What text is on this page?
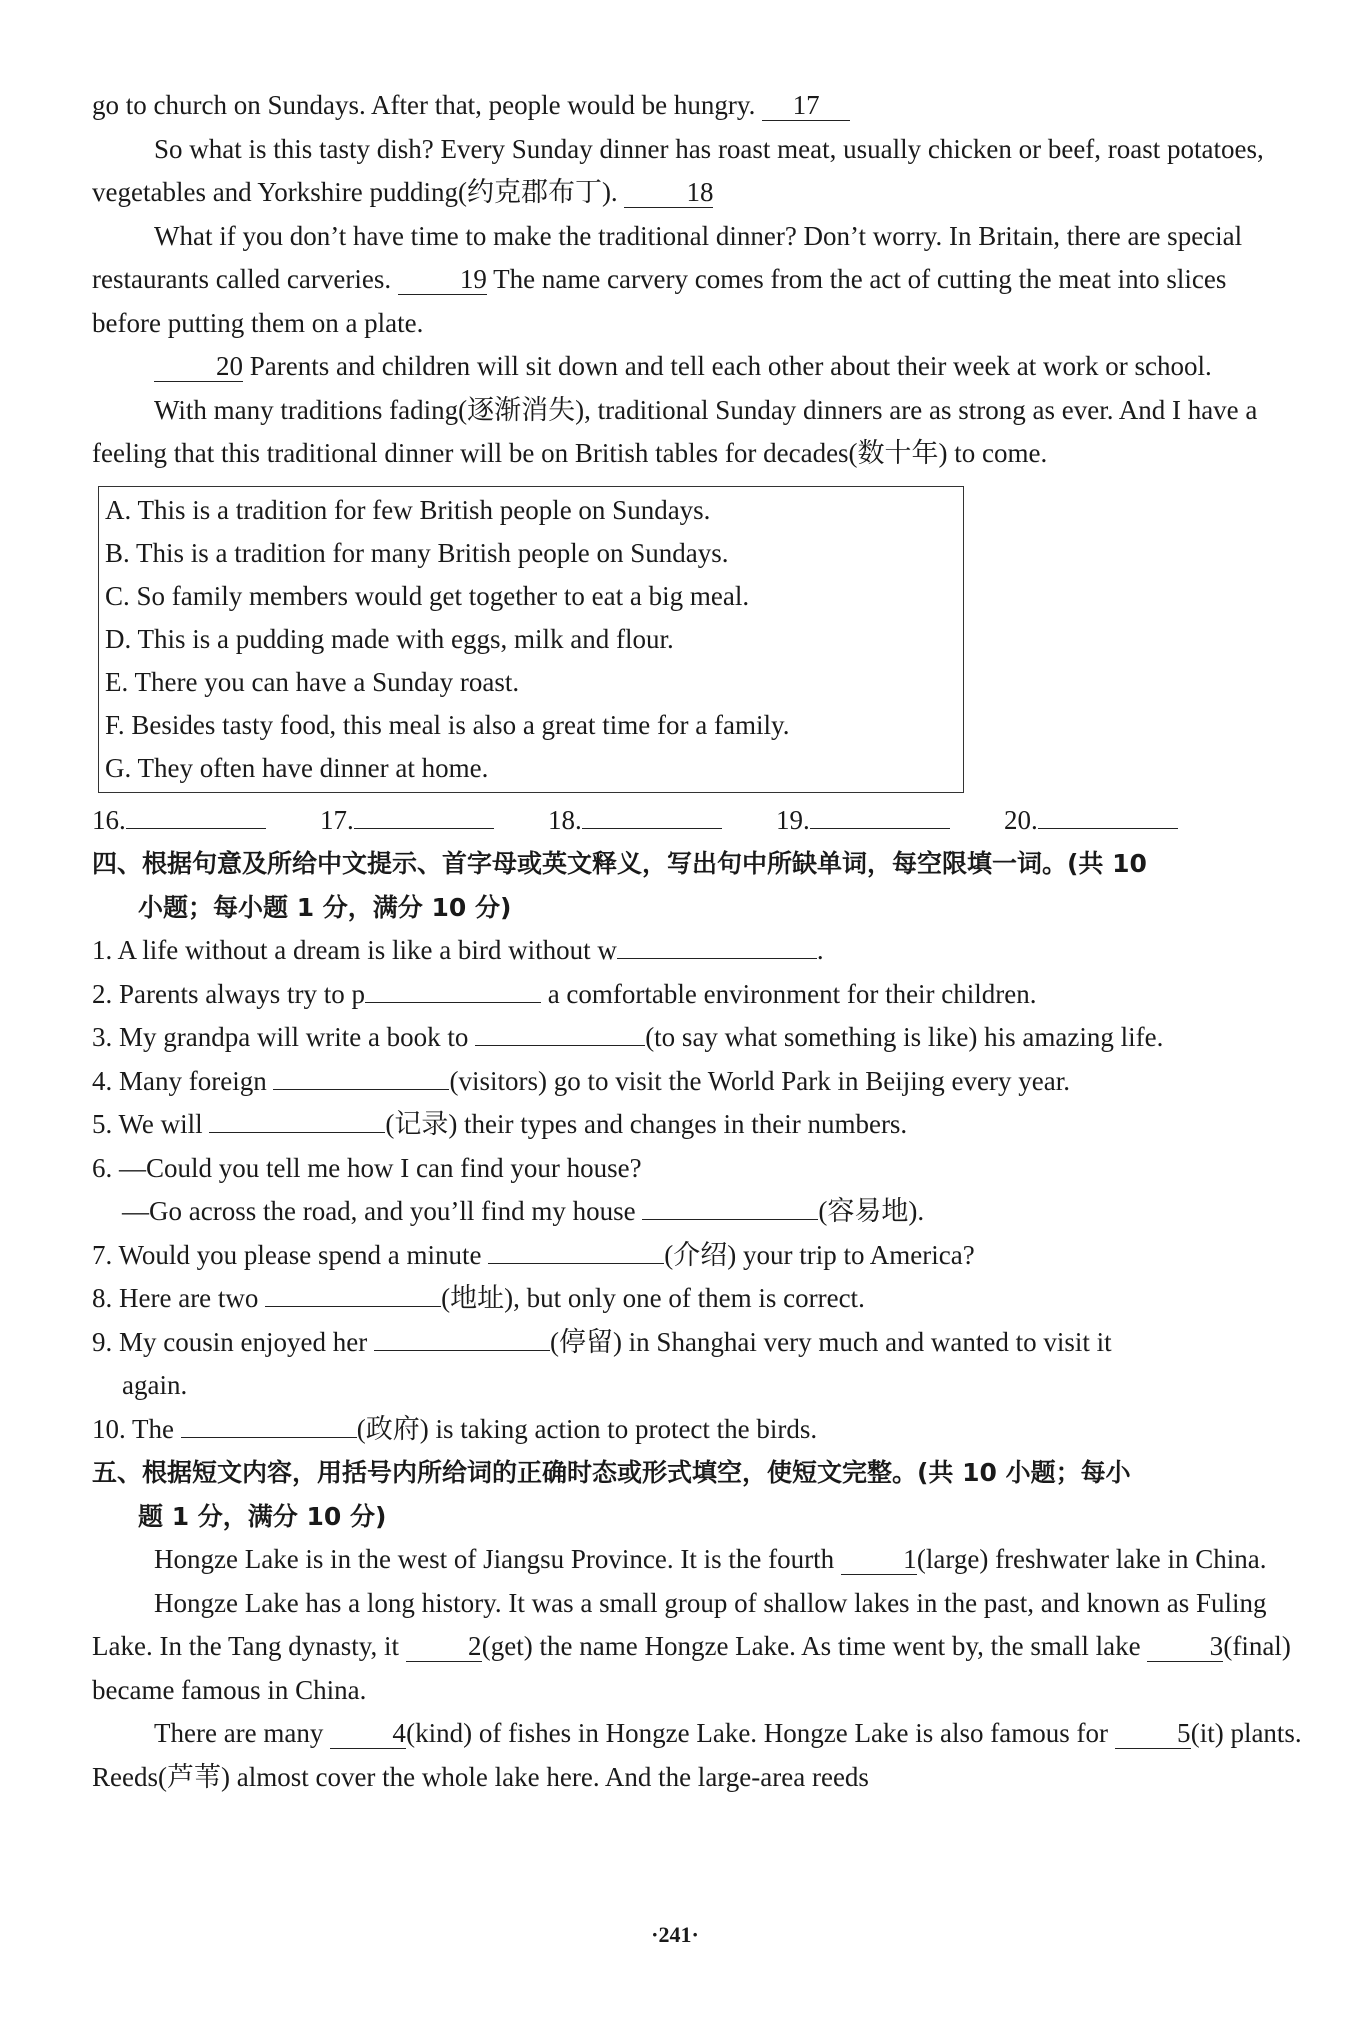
go to church on Sundays. After that, people would be hungry. 17

So what is this tasty dish? Every Sunday dinner has roast meat, usually chicken or beef, roast potatoes, vegetables and Yorkshire pudding(约克郡布丁).	18

What if you don’t have time to make the traditional dinner? Don’t worry. In Britain, there are special restaurants called carveries.	19 The name carvery comes from the act of cutting the meat into slices before putting them on a plate.

20 Parents and children will sit down and tell each other about their week at work or school.

With many traditions fading(逐渐消失), traditional Sunday dinners are as strong as ever. And I have a feeling that this traditional dinner will be on British tables for decades(数十年) to come.

A. This is a tradition for few British people on Sundays.
B. This is a tradition for many British people on Sundays.
C. So family members would get together to eat a big meal.
D. This is a pudding made with eggs, milk and flour.
E. There you can have a Sunday roast.
F. Besides tasty food, this meal is also a great time for a family.
G. They often have dinner at home.
16.	17.	18.	19.	20.
四、根据句意及所给中文提示、首字母或英文释义，写出句中所缺单词，每空限填一词。(共 10
小题；每小题 1 分，满分 10 分)
1. A life without a dream is like a bird without w	.
2. Parents always try to p	a comfortable environment for their children.
3. My grandpa will write a book to	(to say what something is like) his amazing life.
4. Many foreign	(visitors) go to visit the World Park in Beijing every year.
5. We will	(记录) their types and changes in their numbers.
6. —Could you tell me how I can find your house?
—Go across the road, and you’ll find my house	(容易地).
7. Would you please spend a minute	(介绍) your trip to America?
8. Here are two	(地址), but only one of them is correct.
9. My cousin enjoyed her	(停留) in Shanghai very much and wanted to visit it
again.
10. The	(政府) is taking action to protect the birds.
五、根据短文内容，用括号内所给词的正确时态或形式填空，使短文完整。(共 10 小题；每小
题 1 分，满分 10 分)

Hongze Lake is in the west of Jiangsu Province. It is the fourth	1(large) freshwater lake in China.

Hongze Lake has a long history. It was a small group of shallow lakes in the past, and known as Fuling Lake. In the Tang dynasty, it	2(get) the name Hongze Lake. As time went by, the small lake	3(final) became famous in China.

There are many	4(kind) of fishes in Hongze Lake. Hongze Lake is also famous for	5(it) plants. Reeds(芦苇) almost cover the whole lake here. And the large-area reeds

·241·
